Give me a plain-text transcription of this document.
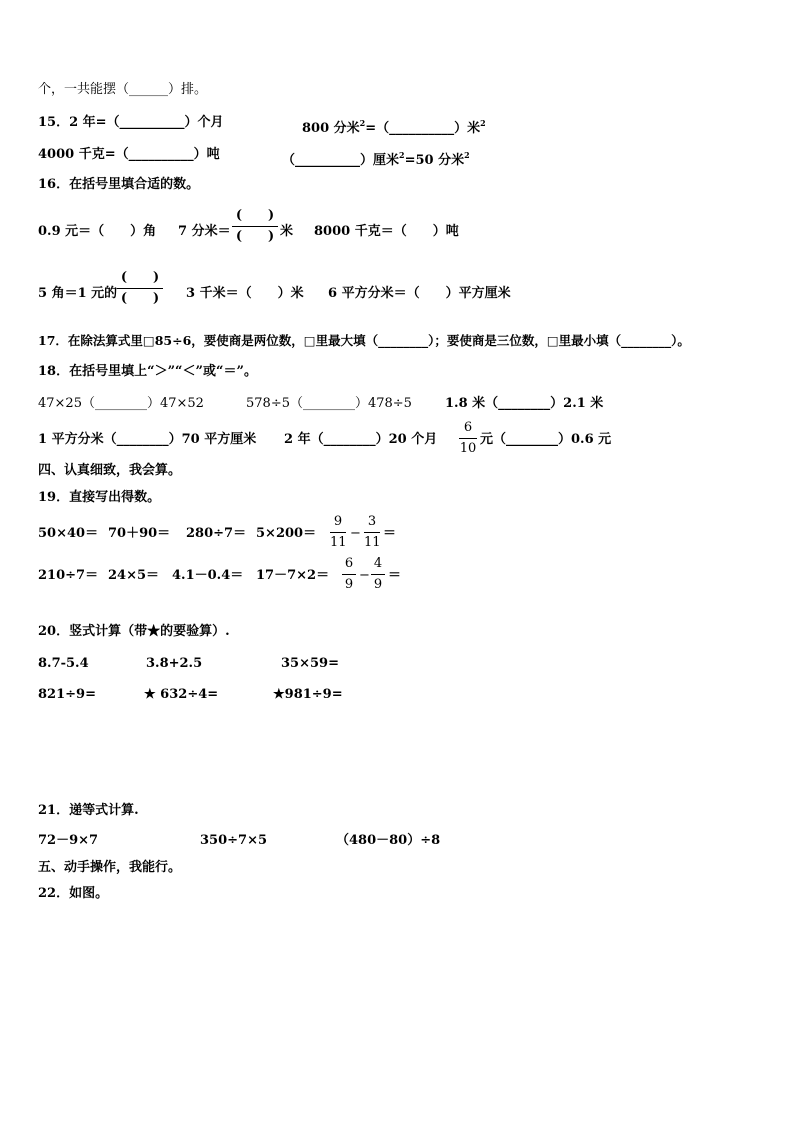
个，一共能摆（______）排。
15．2 年=（__________）个月	800 分米$^2$=（__________）米$^2$
4000 千克=（__________）吨	（__________）厘米$^2$=50 分米$^2$
16．在括号里填合适的数。
0.9 元＝（　　）角 7 分米＝
(　　)
(　　) 米 8000 千克＝（　　）吨
5 角＝1 元的
(　　)
(　　) 3 千米＝（　　）米 6 平方分米＝（　　）平方厘米
17．在除法算式里□85÷6，要使商是两位数，□里最大填（________）；要使商是三位数，□里最小填（________）。
18．在括号里填上“＞”“＜”或“＝”。
47×25（________）47×52	578÷5（________）478÷5	1.8 米（________）2.1 米
1 平方分米（________）70 平方厘米 2 年（________）20 个月
6
10
元（________）0.6 元
四、认真细致，我会算。
19．直接写出得数。
50×40＝ 70＋90＝ 280÷7＝ 5×200＝
9
11
−
3
11
＝
210÷7＝ 24×5＝ 4.1－0.4＝ 17－7×2＝
6
9
−
4
9
＝
20．竖式计算（带★的要验算）.
8.7-5.4	3.8+2.5	35×59=
821÷9=	★ 632÷4=	★981÷9=
21．递等式计算.
72－9×7	350÷7×5	（480－80）÷8
五、动手操作，我能行。
22．如图。
